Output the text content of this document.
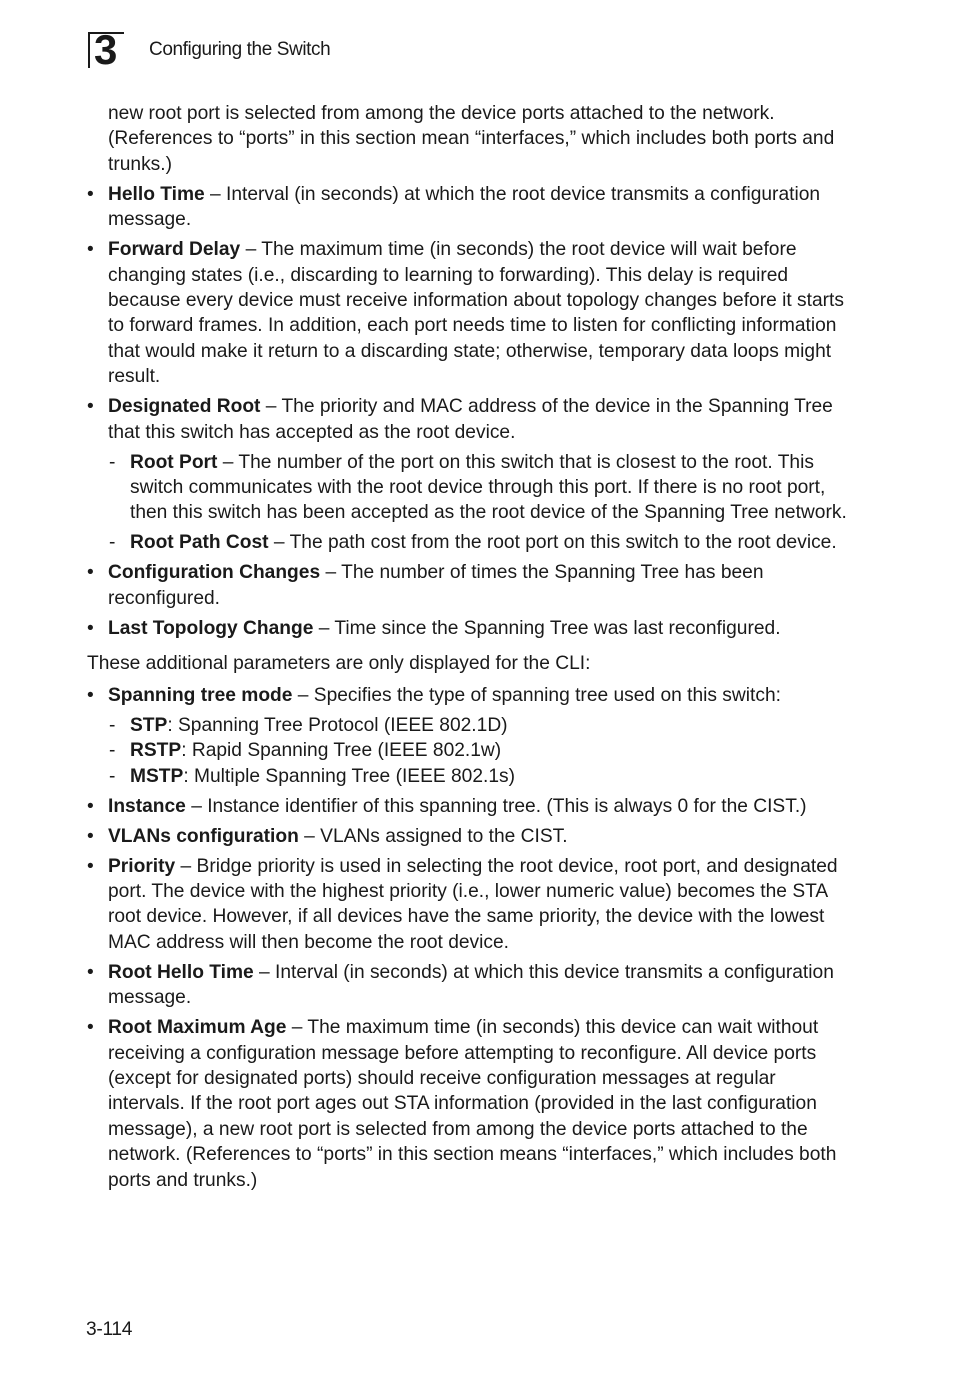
3 Configuring the Switch

new root port is selected from among the device ports attached to the network. (References to “ports” in this section mean “interfaces,” which includes both ports and trunks.)

• Hello Time – Interval (in seconds) at which the root device transmits a configuration message.
• Forward Delay – The maximum time (in seconds) the root device will wait before changing states (i.e., discarding to learning to forwarding). This delay is required because every device must receive information about topology changes before it starts to forward frames. In addition, each port needs time to listen for conflicting information that would make it return to a discarding state; otherwise, temporary data loops might result.
• Designated Root – The priority and MAC address of the device in the Spanning Tree that this switch has accepted as the root device.
- Root Port – The number of the port on this switch that is closest to the root. This switch communicates with the root device through this port. If there is no root port, then this switch has been accepted as the root device of the Spanning Tree network.
- Root Path Cost – The path cost from the root port on this switch to the root device.
• Configuration Changes – The number of times the Spanning Tree has been reconfigured.
• Last Topology Change – Time since the Spanning Tree was last reconfigured.

These additional parameters are only displayed for the CLI:

• Spanning tree mode – Specifies the type of spanning tree used on this switch:
- STP: Spanning Tree Protocol (IEEE 802.1D)
- RSTP: Rapid Spanning Tree (IEEE 802.1w)
- MSTP: Multiple Spanning Tree (IEEE 802.1s)
• Instance – Instance identifier of this spanning tree. (This is always 0 for the CIST.)
• VLANs configuration – VLANs assigned to the CIST.
• Priority – Bridge priority is used in selecting the root device, root port, and designated port. The device with the highest priority (i.e., lower numeric value) becomes the STA root device. However, if all devices have the same priority, the device with the lowest MAC address will then become the root device.
• Root Hello Time – Interval (in seconds) at which this device transmits a configuration message.
• Root Maximum Age – The maximum time (in seconds) this device can wait without receiving a configuration message before attempting to reconfigure. All device ports (except for designated ports) should receive configuration messages at regular intervals. If the root port ages out STA information (provided in the last configuration message), a new root port is selected from among the device ports attached to the network. (References to “ports” in this section means “interfaces,” which includes both ports and trunks.)
3-114
